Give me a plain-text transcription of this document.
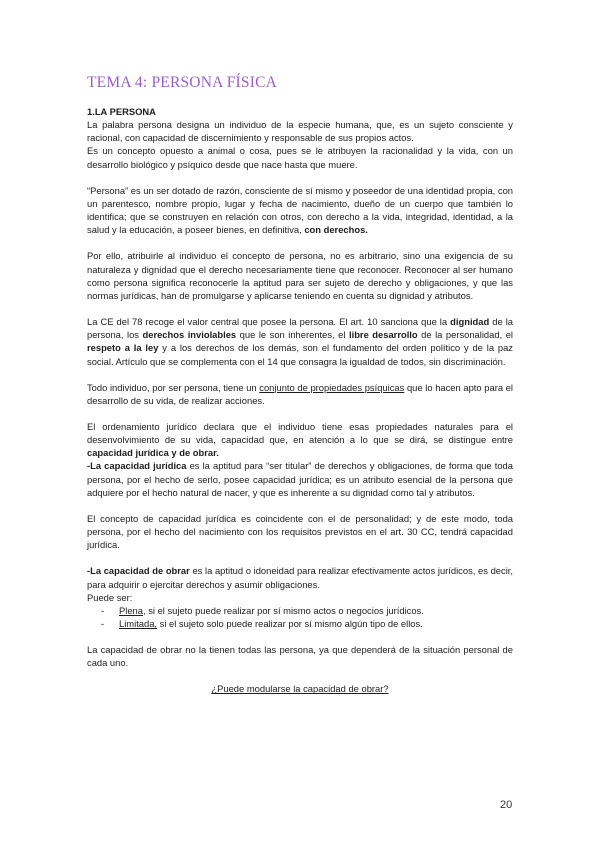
TEMA 4: PERSONA FÍSICA

1.LA PERSONA

La palabra persona designa un individuo de la especie humana, que, es un sujeto consciente y racional, con capacidad de discernimiento y responsable de sus propios actos.

Es un concepto opuesto a animal o cosa, pues se le atribuyen la racionalidad y la vida, con un desarrollo biológico y psíquico desde que nace hasta que muere.

“Persona” es un ser dotado de razón, consciente de sí mismo y poseedor de una identidad propia, con un parentesco, nombre propio, lugar y fecha de nacimiento, dueño de un cuerpo que también lo identifica; que se construyen en relación con otros, con derecho a la vida, integridad, identidad, a la salud y la educación, a poseer bienes, en definitiva, con derechos.

Por ello, atribuirle al individuo el concepto de persona, no es arbitrario, sino una exigencia de su naturaleza y dignidad que el derecho necesariamente tiene que reconocer. Reconocer al ser humano como persona significa reconocerle la aptitud para ser sujeto de derecho y obligaciones, y que las normas jurídicas, han de promulgarse y aplicarse teniendo en cuenta su dignidad y atributos.

La CE del 78 recoge el valor central que posee la persona. El art. 10 sanciona que la dignidad de la persona, los derechos inviolables que le son inherentes, el libre desarrollo de la personalidad, el respeto a la ley y a los derechos de los demás, son el fundamento del orden político y de la paz social. Artículo que se complementa con el 14 que consagra la igualdad de todos, sin discriminación.

Todo individuo, por ser persona, tiene un conjunto de propiedades psíquicas que lo hacen apto para el desarrollo de su vida, de realizar acciones.

El ordenamiento jurídico declara que el individuo tiene esas propiedades naturales para el desenvolvimiento de su vida, capacidad que, en atención a lo que se dirá, se distingue entre capacidad jurídica y de obrar.

-La capacidad jurídica es la aptitud para “ser titular” de derechos y obligaciones, de forma que toda persona, por el hecho de serlo, posee capacidad jurídica; es un atributo esencial de la persona que adquiere por el hecho natural de nacer, y que es inherente a su dignidad como tal y atributos.

El concepto de capacidad jurídica es coincidente con el de personalidad; y de este modo, toda persona, por el hecho del nacimiento con los requisitos previstos en el art. 30 CC, tendrá capacidad jurídica.

-La capacidad de obrar es la aptitud o idoneidad para realizar efectivamente actos jurídicos, es decir, para adquirir o ejercitar derechos y asumir obligaciones.

Puede ser:

- Plena, si el sujeto puede realizar por sí mismo actos o negocios jurídicos.
- Limitada, si el sujeto solo puede realizar por sí mismo algún tipo de ellos.

La capacidad de obrar no la tienen todas las persona, ya que dependerá de la situación personal de cada uno.

¿Puede modularse la capacidad de obrar?

20
